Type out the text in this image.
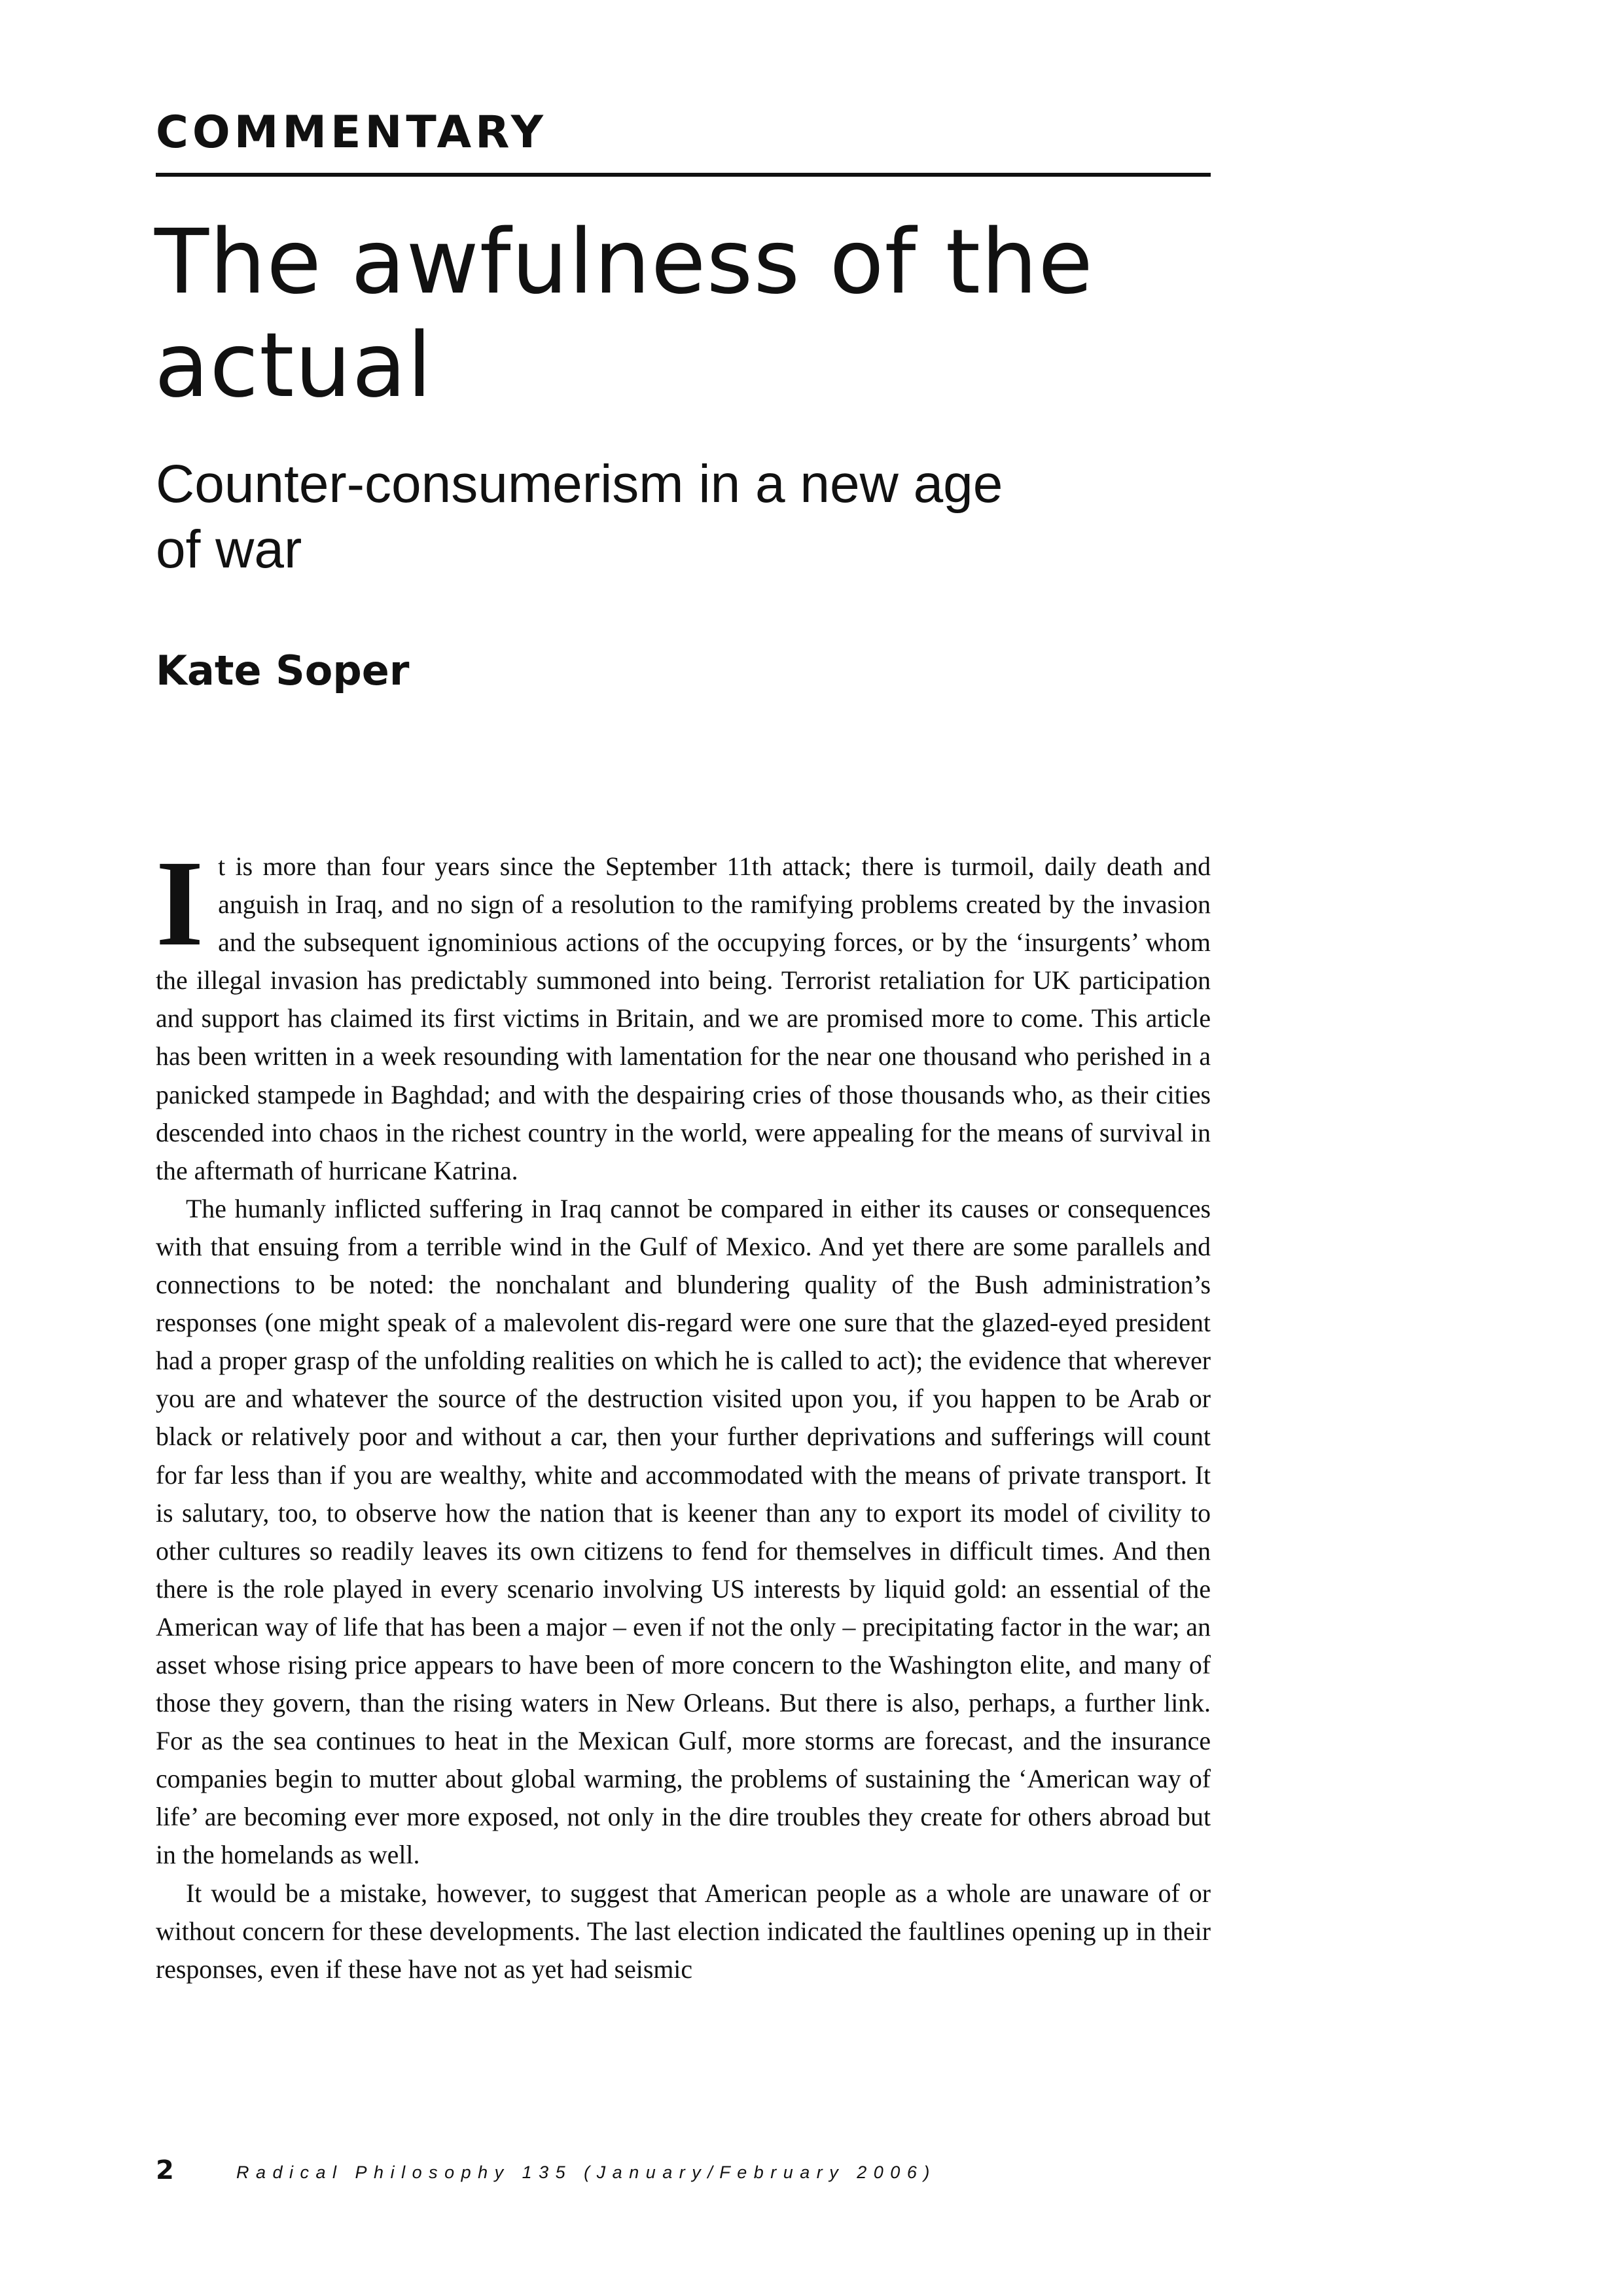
COMMENTARY
The awfulness of the actual
Counter-consumerism in a new age of war
Kate Soper

It is more than four years since the September 11th attack; there is turmoil, daily death and anguish in Iraq, and no sign of a resolution to the ramifying problems created by the invasion and the subsequent ignominious actions of the occupying forces, or by the ‘insurgents’ whom the illegal invasion has predictably summoned into being. Terrorist retaliation for UK participation and support has claimed its first victims in Britain, and we are promised more to come. This article has been written in a week resounding with lamentation for the near one thousand who perished in a panicked stampede in Baghdad; and with the despairing cries of those thousands who, as their cities descended into chaos in the richest country in the world, were appealing for the means of survival in the aftermath of hurricane Katrina.

The humanly inflicted suffering in Iraq cannot be compared in either its causes or consequences with that ensuing from a terrible wind in the Gulf of Mexico. And yet there are some parallels and connections to be noted: the nonchalant and blundering quality of the Bush administration’s responses (one might speak of a malevolent dis-regard were one sure that the glazed-eyed president had a proper grasp of the unfolding realities on which he is called to act); the evidence that wherever you are and whatever the source of the destruction visited upon you, if you happen to be Arab or black or relatively poor and without a car, then your further deprivations and sufferings will count for far less than if you are wealthy, white and accommodated with the means of private transport. It is salutary, too, to observe how the nation that is keener than any to export its model of civility to other cultures so readily leaves its own citizens to fend for themselves in difficult times. And then there is the role played in every scenario involving US interests by liquid gold: an essential of the American way of life that has been a major – even if not the only – precipitating factor in the war; an asset whose rising price appears to have been of more concern to the Washington elite, and many of those they govern, than the rising waters in New Orleans. But there is also, perhaps, a further link. For as the sea continues to heat in the Mexican Gulf, more storms are forecast, and the insurance companies begin to mutter about global warming, the problems of sustaining the ‘American way of life’ are becoming ever more exposed, not only in the dire troubles they create for others abroad but in the homelands as well.

It would be a mistake, however, to suggest that American people as a whole are unaware of or without concern for these developments. The last election indicated the faultlines opening up in their responses, even if these have not as yet had seismic

2	Radical Philosophy 135 (January/February 2006)
